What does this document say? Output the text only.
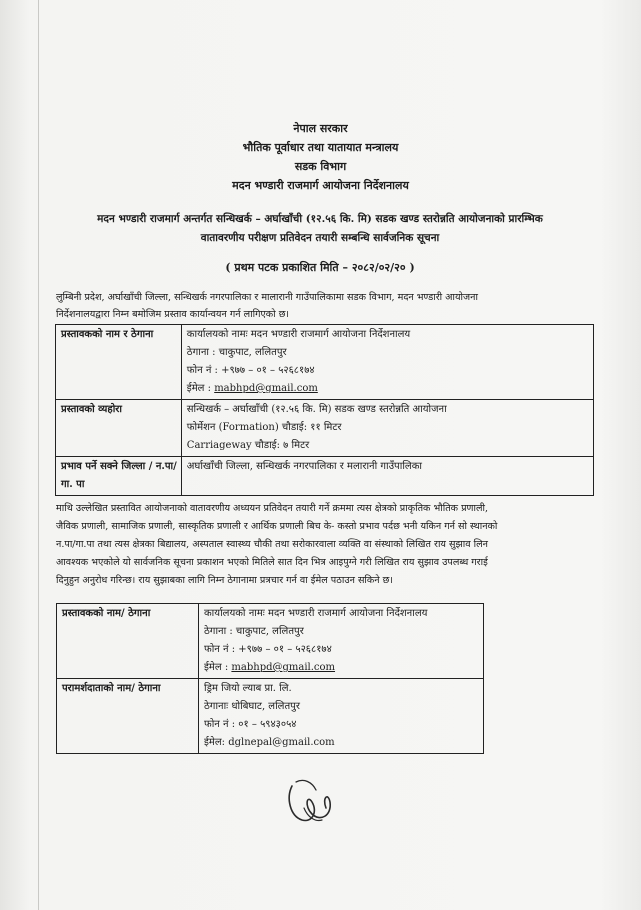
नेपाल सरकार
भौतिक पूर्वाधार तथा यातायात मन्त्रालय
सडक विभाग
मदन भण्डारी राजमार्ग आयोजना निर्देशनालय
मदन भण्डारी राजमार्ग अन्तर्गत सन्धिखर्क – अर्घाखाँची (१२.५६ कि. मि) सडक खण्ड स्तरोन्नति आयोजनाको प्रारम्भिक
वातावरणीय परीक्षण प्रतिवेदन तयारी सम्बन्धि सार्वजनिक सूचना
( प्रथम पटक प्रकाशित मिति – २०८२/०२/२० )
लुम्बिनी प्रदेश, अर्घाखाँची जिल्ला, सन्धिखर्क नगरपालिका र मालारानी गाउँपालिकामा सडक विभाग, मदन भण्डारी आयोजना
निर्देशनालयद्वारा निम्न बमोजिम प्रस्ताव कार्यान्वयन गर्न लागिएको छ।
प्रस्तावकको नाम र ठेगाना	कार्यालयको नामः मदन भण्डारी राजमार्ग आयोजना निर्देशनालय
ठेगाना : चाकुपाट, ललितपुर
फोन नं : +९७७ – ०१ – ५२६८१७४
ईमेल : mabhpd@gmail.com

प्रस्तावको व्यहोरा	सन्धिखर्क – अर्घाखाँची (१२.५६ कि. मि) सडक खण्ड स्तरोन्नति आयोजना
फोर्मेशन (Formation) चौडाई: ११ मिटर
Carriageway चौडाई: ७ मिटर

प्रभाव पर्ने सक्ने जिल्ला / न.पा/
गा. पा	अर्घाखाँची जिल्ला, सन्धिखर्क नगरपालिका र मलारानी गाउँपालिका
माथि उल्लेखित प्रस्तावित आयोजनाको वातावरणीय अध्ययन प्रतिवेदन तयारी गर्ने क्रममा त्यस क्षेत्रको प्राकृतिक भौतिक प्रणाली,
जैविक प्रणाली, सामाजिक प्रणाली, सास्कृतिक प्रणाली र आर्थिक प्रणाली बिच के- कस्तो प्रभाव पर्दछ भनी यकिन गर्न सो स्थानको
न.पा/गा.पा तथा त्यस क्षेत्रका बिद्यालय, अस्पताल स्वास्थ्य चौकी तथा सरोकारवाला व्यक्ति वा संस्थाको लिखित राय सुझाव लिन
आवश्यक भएकोले यो सार्वजनिक सूचना प्रकाशन भएको मितिले सात दिन भित्र आइपुग्ने गरी लिखित राय सुझाव उपलब्ध गराई
दिनुहुन अनुरोध गरिन्छ। राय सुझाबका लागि निम्न ठेगानामा प्रत्रचार गर्न वा ईमेल पठाउन सकिने छ।
प्रस्तावकको नाम/ ठेगाना	कार्यालयको नामः मदन भण्डारी राजमार्ग आयोजना निर्देशनालय
ठेगाना : चाकुपाट, ललितपुर
फोन नं : +९७७ – ०१ – ५२६८१७४
ईमेल : mabhpd@gmail.com

परामर्शदाताको नाम/ ठेगाना	ड्रिम जियो ल्याब प्रा. लि.
ठेगानाः धोबिघाट, ललितपुर
फोन नं : ०१ – ५९४३०५४
ईमेल: dglnepal@gmail.com
